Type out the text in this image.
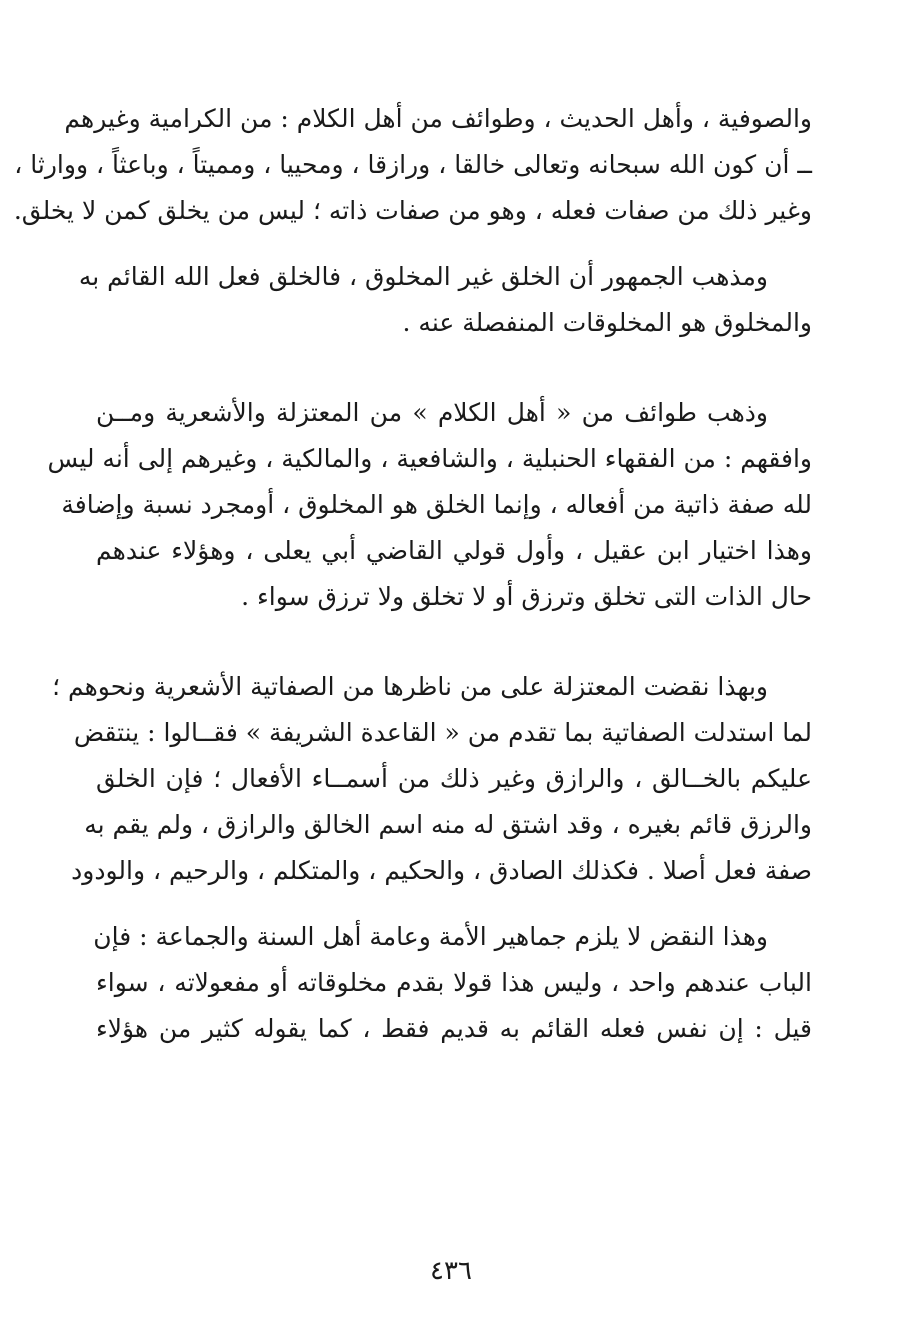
والصوفية ، وأهل الحديث ، وطوائف من أهل الكلام : من الكرامية وغيرهم
ــ أن كون الله سبحانه وتعالى خالقا ، ورازقا ، ومحييا ، ومميتاً ، وباعثاً ، ووارثا ،
وغير ذلك من صفات فعله ، وهو من صفات ذاته ؛ ليس من يخلق كمن لا يخلق.
ومذهب الجمهور أن الخلق غير المخلوق ، فالخلق فعل الله القائم به
والمخلوق هو المخلوقات المنفصلة عنه .
وذهب طوائف من « أهل الكلام » من المعتزلة والأشعرية ومــن
وافقهم : من الفقهاء الحنبلية ، والشافعية ، والمالكية ، وغيرهم إلى أنه ليس
لله صفة ذاتية من أفعاله ، وإنما الخلق هو المخلوق ، أومجرد نسبة وإضافة
وهذا اختيار ابن عقيل ، وأول قولي القاضي أبي يعلى ، وهؤلاء عندهم
حال الذات التى تخلق وترزق أو لا تخلق ولا ترزق سواء .
وبهذا نقضت المعتزلة على من ناظرها من الصفاتية الأشعرية ونحوهم ؛
لما استدلت الصفاتية بما تقدم من « القاعدة الشريفة » فقــالوا : ينتقض
عليكم بالخــالق ، والرازق وغير ذلك من أسمــاء الأفعال ؛ فإن الخلق
والرزق قائم بغيره ، وقد اشتق له منه اسم الخالق والرازق ، ولم يقم به
صفة فعل أصلا . فكذلك الصادق ، والحكيم ، والمتكلم ، والرحيم ، والودود
وهذا النقض لا يلزم جماهير الأمة وعامة أهل السنة والجماعة : فإن
الباب عندهم واحد ، وليس هذا قولا بقدم مخلوقاته أو مفعولاته ، سواء
قيل : إن نفس فعله القائم به قديم فقط ، كما يقوله كثير من هؤلاء
٤٣٦
